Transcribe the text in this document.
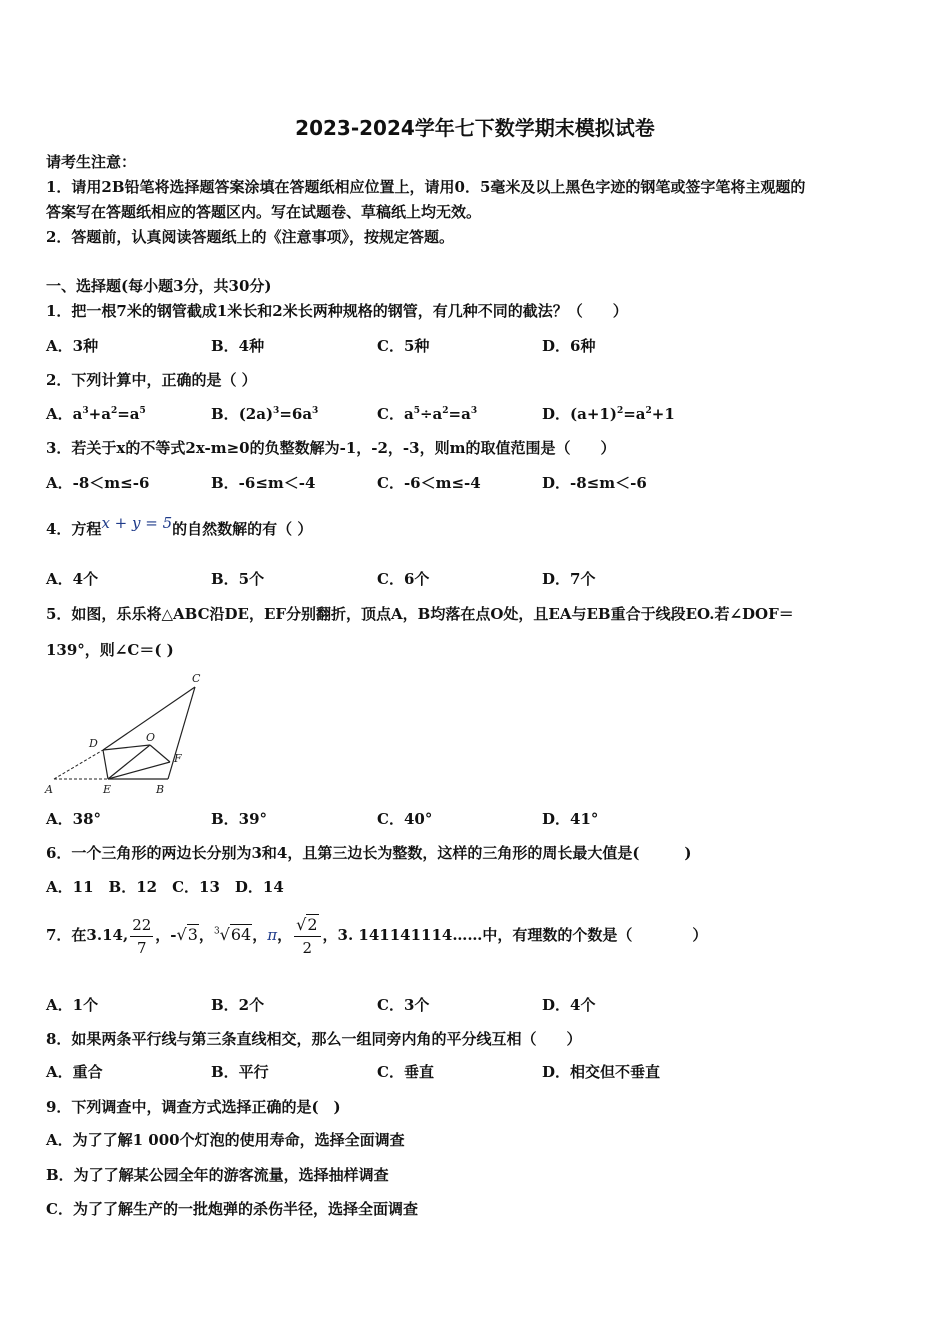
2023-2024学年七下数学期末模拟试卷
请考生注意：
1．请用2B铅笔将选择题答案涂填在答题纸相应位置上，请用0．5毫米及以上黑色字迹的钢笔或签字笔将主观题的
答案写在答题纸相应的答题区内。写在试题卷、草稿纸上均无效。
2．答题前，认真阅读答题纸上的《注意事项》，按规定答题。
一、选择题(每小题3分，共30分)
1．把一根7米的钢管截成1米长和2米长两种规格的钢管，有几种不同的截法？（　　）
A．3种	B．4种	C．5种	D．6种
2．下列计算中，正确的是（ ）
A．$a^3+a^2=a^5$	B．$(2a)^3=6a^3$	C．$a^5\div a^2=a^3$	D．$(a+1)^2=a^2+1$
3．若关于x的不等式2x-m≥0的负整数解为-1，-2，-3，则m的取值范围是（　　）
A．-8＜m≤-6	B．-6≤m＜-4	C．-6＜m≤-4	D．-8≤m＜-6
4．方程x + y = 5的自然数解的有（ ）
A．4个	B．5个	C．6个	D．7个
5．如图，乐乐将△ABC沿DE，EF分别翻折，顶点A，B均落在点O处，且EA与EB重合于线段EO.若∠DOF＝
139°，则∠C＝( )
A	E	B
C
D	O
F
A．38°	B．39°	C．40°	D．41°
6．一个三角形的两边长分别为3和4，且第三边长为整数，这样的三角形的周长最大值是(　　　)
A．11　B．12　C．13　D．14
7．在3.14, $\frac{22}{7}$ ，-√3，$^3$√64，π， $\frac{√2}{2}$ ，3. 141141114……中，有理数的个数是（　　　　）
A．1个	B．2个	C．3个	D．4个
8．如果两条平行线与第三条直线相交，那么一组同旁内角的平分线互相（　　）
A．重合	B．平行	C．垂直	D．相交但不垂直
9．下列调查中，调查方式选择正确的是(　)
A．为了了解1 000个灯泡的使用寿命，选择全面调查
B．为了了解某公园全年的游客流量，选择抽样调查
C．为了了解生产的一批炮弹的杀伤半径，选择全面调查
